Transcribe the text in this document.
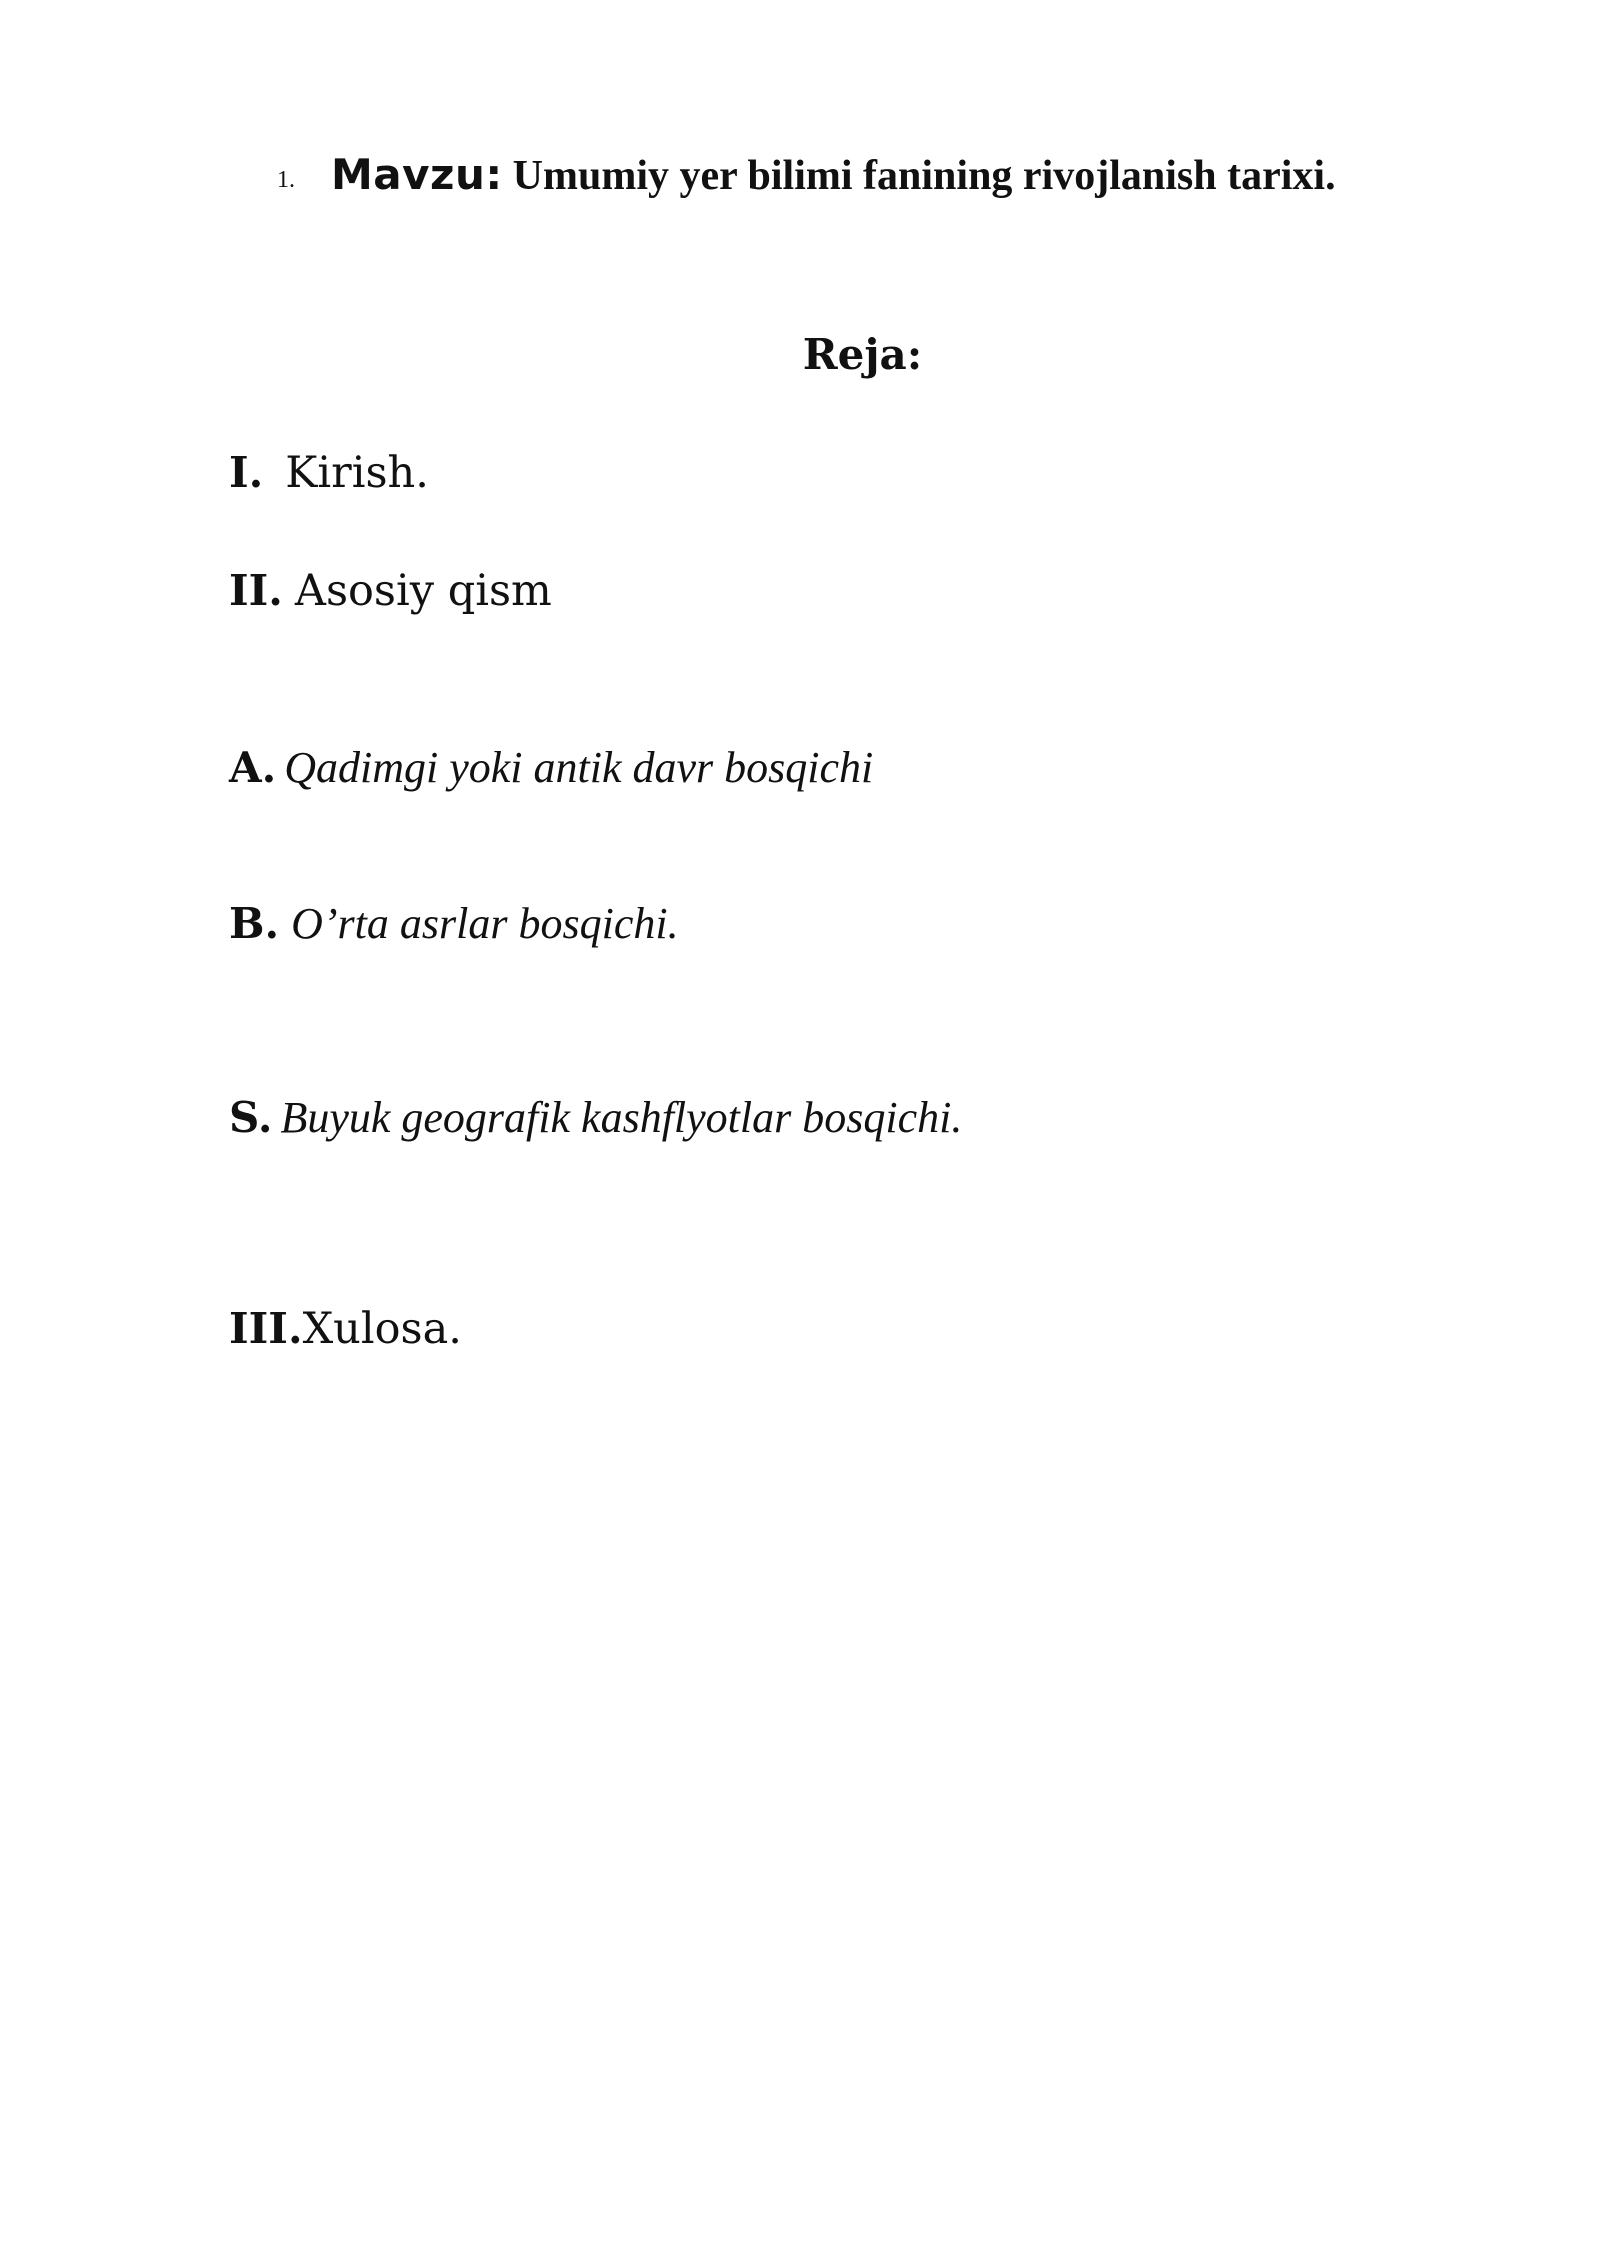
1. Mavzu: Umumiy yer bilimi fanining rivojlanish tarixi.
Reja:
I. Kirish.
II. Asosiy qism
A. Qadimgi yoki antik davr bosqichi
B. O’rta asrlar bosqichi.
S. Buyuk geografik kashflyotlar bosqichi.
III. Xulosa.
